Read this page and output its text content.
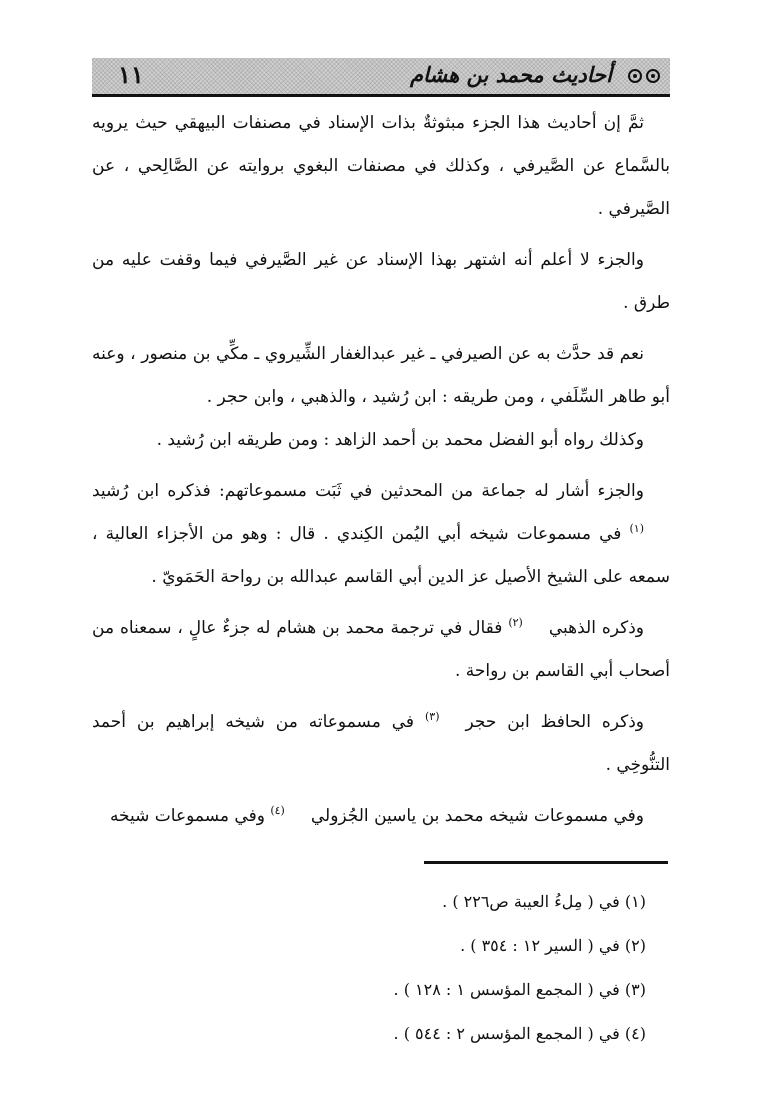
أحاديث محمد بن هشام
١١

ثمَّ إن أحاديث هذا الجزء مبثوثةٌ بذات الإسناد في مصنفات البيهقي حيث يرويه بالسَّماع عن الصَّيرفي ، وكذلك في مصنفات البغوي بروايته عن الصَّالِحي ، عن الصَّيرفي .

والجزء لا أعلم أنه اشتهر بهذا الإسناد عن غير الصَّيرفي فيما وقفت عليه من طرق .

نعم قد حدَّث به عن الصيرفي ـ غير عبدالغفار الشِّيروي ـ مكِّي بن منصور ، وعنه أبو طاهر السِّلَفي ، ومن طريقه : ابن رُشيد ، والذهبي ، وابن حجر .

وكذلك رواه أبو الفضل محمد بن أحمد الزاهد : ومن طريقه ابن رُشيد .

والجزء أشار له جماعة من المحدثين في ثَبَت مسموعاتهم: فذكره ابن رُشيد(١) في مسموعات شيخه أبي اليُمن الكِندي . قال : وهو من الأجزاء العالية ، سمعه على الشيخ الأصيل عز الدين أبي القاسم عبدالله بن رواحة الحَمَويّ .

وذكره الذهبي(٢) فقال في ترجمة محمد بن هشام له جزءٌ عالٍ ، سمعناه من أصحاب أبي القاسم بن رواحة .

وذكره الحافظ ابن حجر(٣) في مسموعاته من شيخه إبراهيم بن أحمد التنُّوخِي .

وفي مسموعات شيخه محمد بن ياسين الجُزولي(٤) وفي مسموعات شيخه

(١) في ( مِلءُ العيبة ص٢٢٦ ) .
(٢) في ( السير ١٢ : ٣٥٤ ) .
(٣) في ( المجمع المؤسس ١ : ١٢٨ ) .
(٤) في ( المجمع المؤسس ٢ : ٥٤٤ ) .
